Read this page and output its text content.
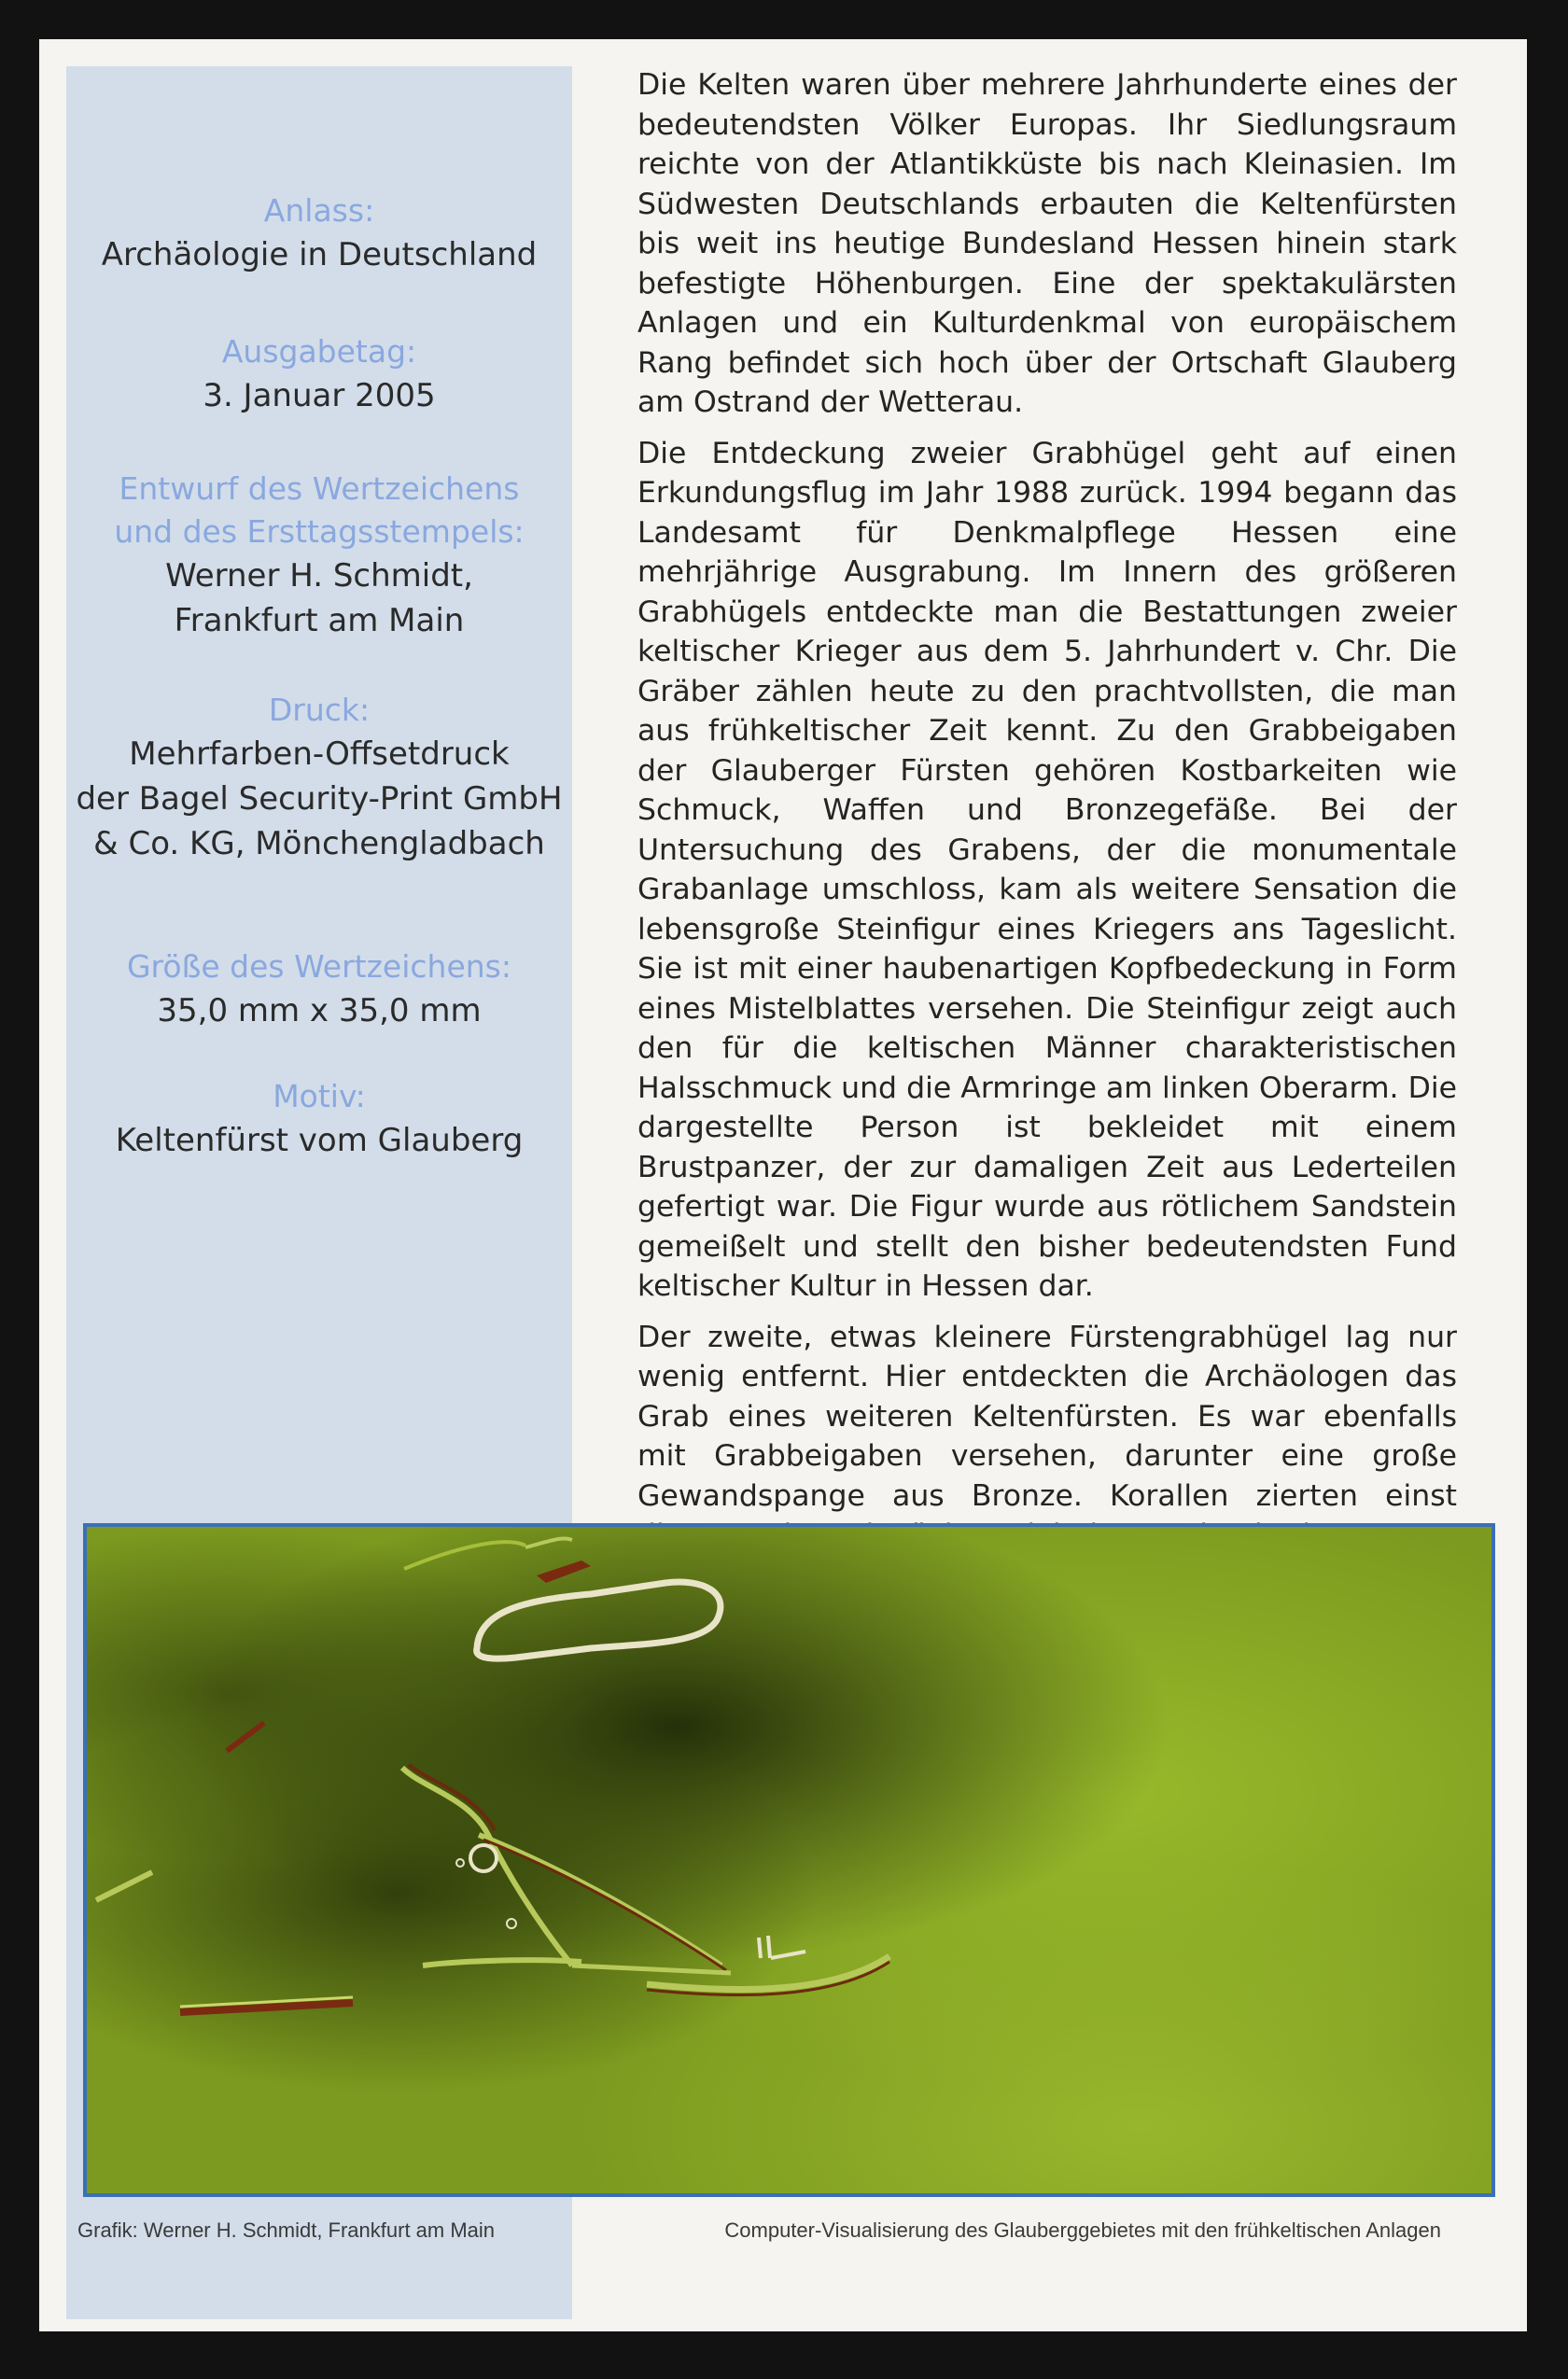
Anlass:

Archäologie in Deutschland

Ausgabetag:

3. Januar 2005

Entwurf des Wertzeichens

und des Ersttagsstempels:

Werner H. Schmidt,

Frankfurt am Main

Druck:

Mehrfarben-Offsetdruck

der Bagel Security-Print GmbH

& Co. KG, Mönchengladbach

Größe des Wertzeichens:

35,0 mm x 35,0 mm

Motiv:

Keltenfürst vom Glauberg

Die Kelten waren über mehrere Jahrhunderte eines der bedeutendsten Völker Europas. Ihr Siedlungsraum reichte von der Atlantikküste bis nach Kleinasien. Im Südwesten Deutschlands erbauten die Keltenfürsten bis weit ins heutige Bundesland Hessen hinein stark befestigte Höhenburgen. Eine der spektakulärsten Anlagen und ein Kulturdenkmal von europäischem Rang befindet sich hoch über der Ortschaft Glauberg am Ostrand der Wetterau.

Die Entdeckung zweier Grabhügel geht auf einen Erkundungsflug im Jahr 1988 zurück. 1994 begann das Landesamt für Denkmalpflege Hessen eine mehrjährige Ausgrabung. Im Innern des größeren Grabhügels entdeckte man die Bestattungen zweier keltischer Krieger aus dem 5. Jahrhundert v. Chr. Die Gräber zählen heute zu den prachtvollsten, die man aus frühkeltischer Zeit kennt. Zu den Grabbeigaben der Glauberger Fürsten gehören Kostbarkeiten wie Schmuck, Waffen und Bronzegefäße. Bei der Untersuchung des Grabens, der die monumentale Grabanlage umschloss, kam als weitere Sensation die lebensgroße Steinfigur eines Kriegers ans Tageslicht. Sie ist mit einer haubenartigen Kopfbedeckung in Form eines Mistelblattes versehen. Die Steinfigur zeigt auch den für die keltischen Männer charakteristischen Halsschmuck und die Armringe am linken Oberarm. Die dargestellte Person ist bekleidet mit einem Brustpanzer, der zur damaligen Zeit aus Lederteilen gefertigt war. Die Figur wurde aus rötlichem Sandstein gemeißelt und stellt den bisher bedeutendsten Fund keltischer Kultur in Hessen dar.

Der zweite, etwas kleinere Fürstengrabhügel lag nur wenig entfernt. Hier entdeckten die Archäologen das Grab eines weiteren Keltenfürsten. Es war ebenfalls mit Grabbeigaben versehen, darunter eine große Gewandspange aus Bronze. Korallen zierten einst

Grafik: Werner H. Schmidt, Frankfurt am Main	Computer-Visualisierung des Glauberggebietes mit den frühkeltischen Anlagen
